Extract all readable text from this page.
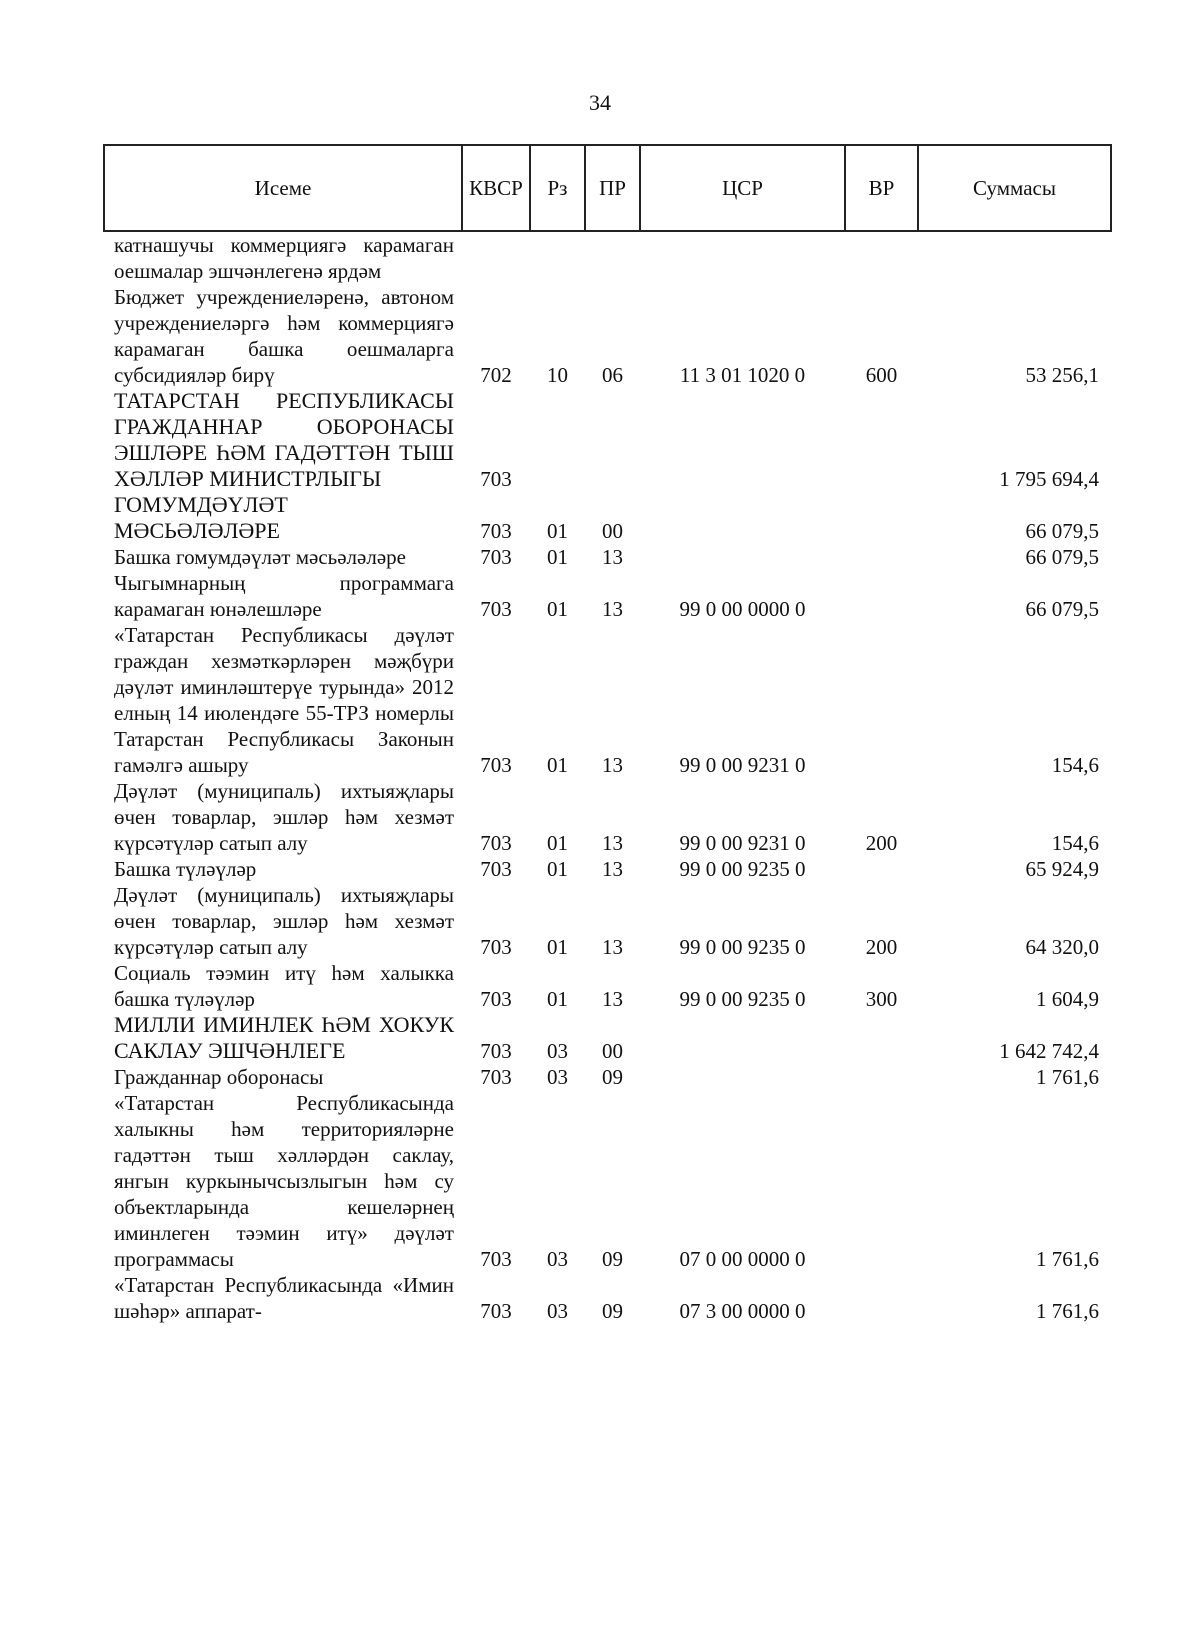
34
Исеме	КВСР	Рз	ПР	ЦСР	ВР	Суммасы
катнашучы коммерциягә карамаган оешмалар эшчәнлегенә ярдәм						
Бюджет учреждениеләренә, автоном учреждениеләргә һәм коммерциягә карамаган башка оешмаларга субсидияләр бирү	702	10	06	11 3 01 1020 0	600	53 256,1
ТАТАРСТАН РЕСПУБЛИКАСЫ ГРАЖДАННАР ОБОРОНАСЫ ЭШЛӘРЕ ҺӘМ ГАДӘТТӘН ТЫШ ХӘЛЛӘР МИНИСТРЛЫГЫ	703					1 795 694,4
ГОМУМДӘҮЛӘТ МӘСЬӘЛӘЛӘРЕ	703	01	00			66 079,5
Башка гомумдәүләт мәсьәләләре	703	01	13			66 079,5
Чыгымнарның программага карамаган юнәлешләре	703	01	13	99 0 00 0000 0		66 079,5
«Татарстан Республикасы дәүләт граждан хезмәткәрләрен мәҗбүри дәүләт иминләштерүе турында» 2012 елның 14 июлендәге 55-ТРЗ номерлы Татарстан Республикасы Законын гамәлгә ашыру	703	01	13	99 0 00 9231 0		154,6
Дәүләт (муниципаль) ихтыяҗлары өчен товарлар, эшләр һәм хезмәт күрсәтүләр сатып алу	703	01	13	99 0 00 9231 0	200	154,6
Башка түләүләр	703	01	13	99 0 00 9235 0		65 924,9
Дәүләт (муниципаль) ихтыяҗлары өчен товарлар, эшләр һәм хезмәт күрсәтүләр сатып алу	703	01	13	99 0 00 9235 0	200	64 320,0
Социаль тәэмин итү һәм халыкка башка түләүләр	703	01	13	99 0 00 9235 0	300	1 604,9
МИЛЛИ ИМИНЛЕК ҺӘМ ХОКУК САКЛАУ ЭШЧӘНЛЕГЕ	703	03	00			1 642 742,4
Гражданнар оборонасы	703	03	09			1 761,6
«Татарстан Республикасында халыкны һәм территорияләрне гадәттән тыш хәлләрдән саклау, янгын куркынычсызлыгын һәм су объектларында кешеләрнең иминлеген тәэмин итү» дәүләт программасы	703	03	09	07 0 00 0000 0		1 761,6
«Татарстан Республикасында «Имин шәһәр» аппарат-	703	03	09	07 3 00 0000 0		1 761,6
